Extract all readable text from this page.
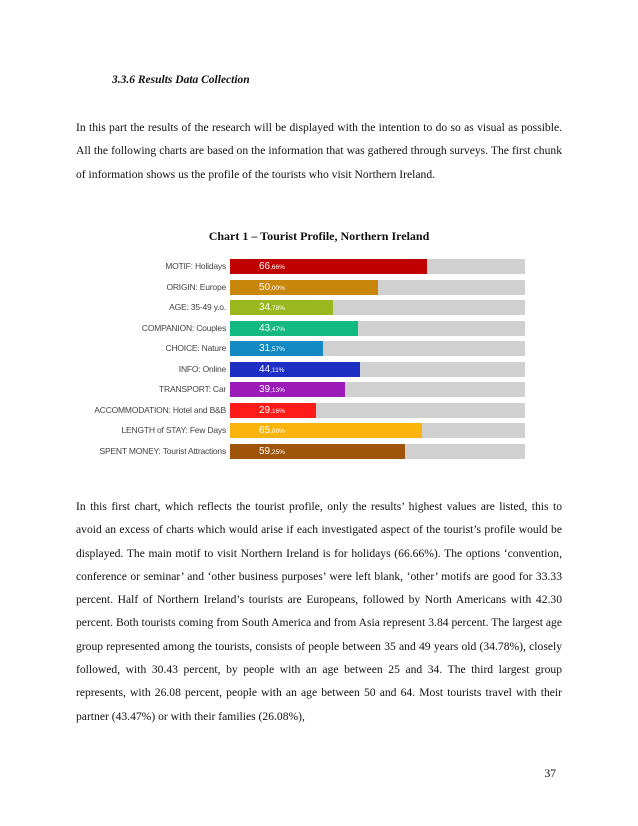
3.3.6 Results Data Collection

In this part the results of the research will be displayed with the intention to do so as visual as possible. All the following charts are based on the information that was gathered through surveys. The first chunk of information shows us the profile of the tourists who visit Northern Ireland.

Chart 1 – Tourist Profile, Northern Ireland
MOTIF: Holidays	66,66%
ORIGIN: Europe	50,00%
AGE: 35-49 y.o.	34,78%
COMPANION: Couples	43,47%
CHOICE: Nature	31,57%
INFO: Online	44,11%
TRANSPORT: Car	39,13%
ACCOMMODATION: Hotel and B&B	29,16%
LENGTH of STAY: Few Days	65,00%
SPENT MONEY: Tourist Attractions	59,25%

In this first chart, which reflects the tourist profile, only the results’ highest values are listed, this to avoid an excess of charts which would arise if each investigated aspect of the tourist’s profile would be displayed. The main motif to visit Northern Ireland is for holidays (66.66%). The options ‘convention, conference or seminar’ and ‘other business purposes’ were left blank, ‘other’ motifs are good for 33.33 percent. Half of Northern Ireland’s tourists are Europeans, followed by North Americans with 42.30 percent. Both tourists coming from South America and from Asia represent 3.84 percent. The largest age group represented among the tourists, consists of people between 35 and 49 years old (34.78%), closely followed, with 30.43 percent, by people with an age between 25 and 34. The third largest group represents, with 26.08 percent, people with an age between 50 and 64. Most tourists travel with their partner (43.47%) or with their families (26.08%),

37
